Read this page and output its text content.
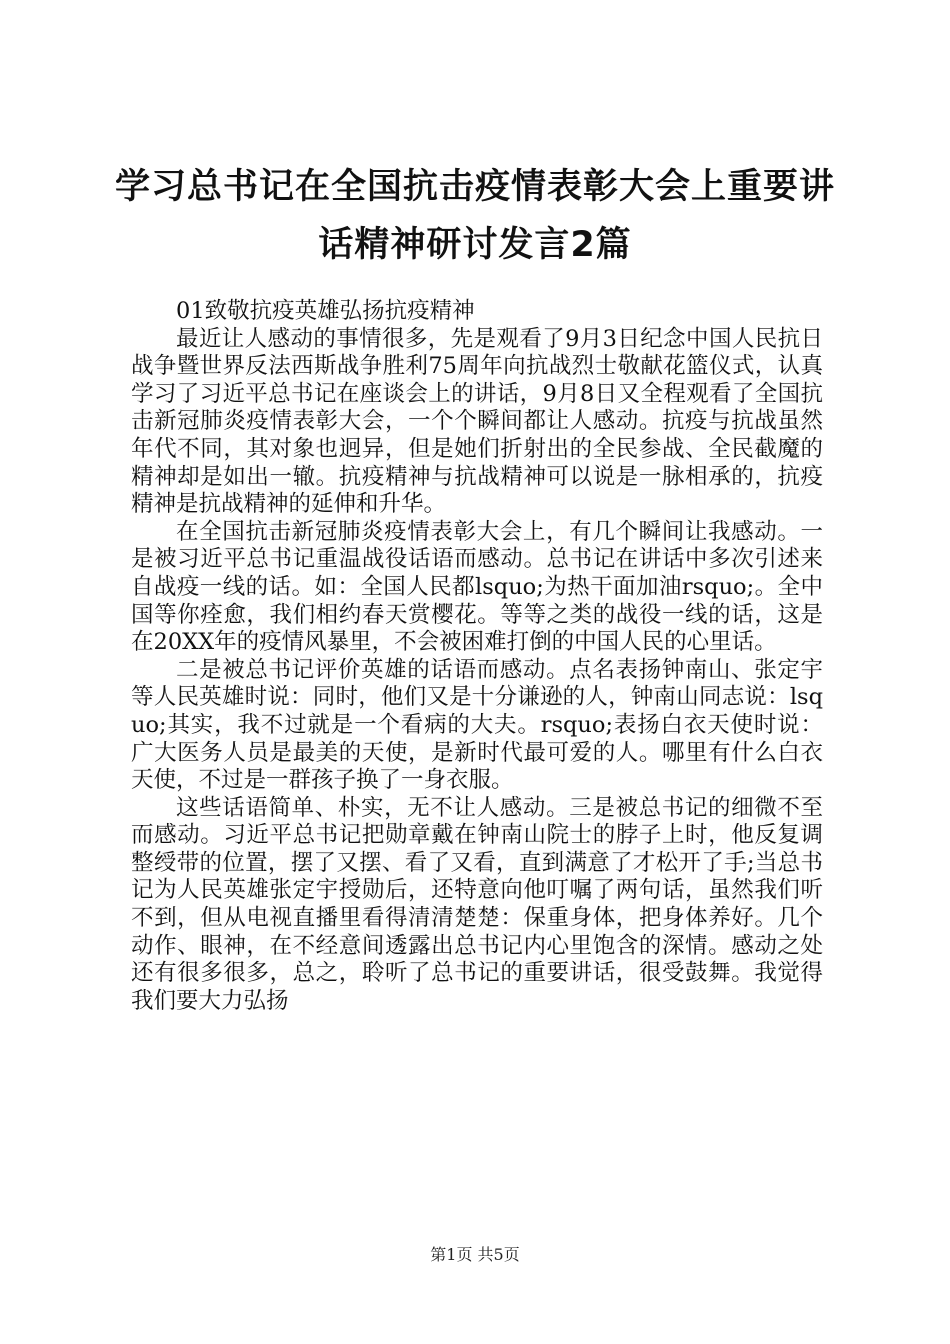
学习总书记在全国抗击疫情表彰大会上重要讲话精神研讨发言2篇

01致敬抗疫英雄弘扬抗疫精神

最近让人感动的事情很多，先是观看了9月3日纪念中国人民抗日战争暨世界反法西斯战争胜利75周年向抗战烈士敬献花篮仪式，认真学习了习近平总书记在座谈会上的讲话，9月8日又全程观看了全国抗击新冠肺炎疫情表彰大会，一个个瞬间都让人感动。抗疫与抗战虽然年代不同，其对象也迥异，但是她们折射出的全民参战、全民截魔的精神却是如出一辙。抗疫精神与抗战精神可以说是一脉相承的，抗疫精神是抗战精神的延伸和升华。

在全国抗击新冠肺炎疫情表彰大会上，有几个瞬间让我感动。一是被习近平总书记重温战役话语而感动。总书记在讲话中多次引述来自战疫一线的话。如：全国人民都lsquo;为热干面加油rsquo;。全中国等你痊愈，我们相约春天赏樱花。等等之类的战役一线的话，这是在20XX年的疫情风暴里，不会被困难打倒的中国人民的心里话。

二是被总书记评价英雄的话语而感动。点名表扬钟南山、张定宇等人民英雄时说：同时，他们又是十分谦逊的人，钟南山同志说：lsquo;其实，我不过就是一个看病的大夫。rsquo;表扬白衣天使时说：广大医务人员是最美的天使，是新时代最可爱的人。哪里有什么白衣天使，不过是一群孩子换了一身衣服。

这些话语简单、朴实，无不让人感动。三是被总书记的细微不至而感动。习近平总书记把勋章戴在钟南山院士的脖子上时，他反复调整绶带的位置，摆了又摆、看了又看，直到满意了才松开了手;当总书记为人民英雄张定宇授勋后，还特意向他叮嘱了两句话，虽然我们听不到，但从电视直播里看得清清楚楚：保重身体，把身体养好。几个动作、眼神，在不经意间透露出总书记内心里饱含的深情。感动之处还有很多很多，总之，聆听了总书记的重要讲话，很受鼓舞。我觉得我们要大力弘扬

第1页 共5页
